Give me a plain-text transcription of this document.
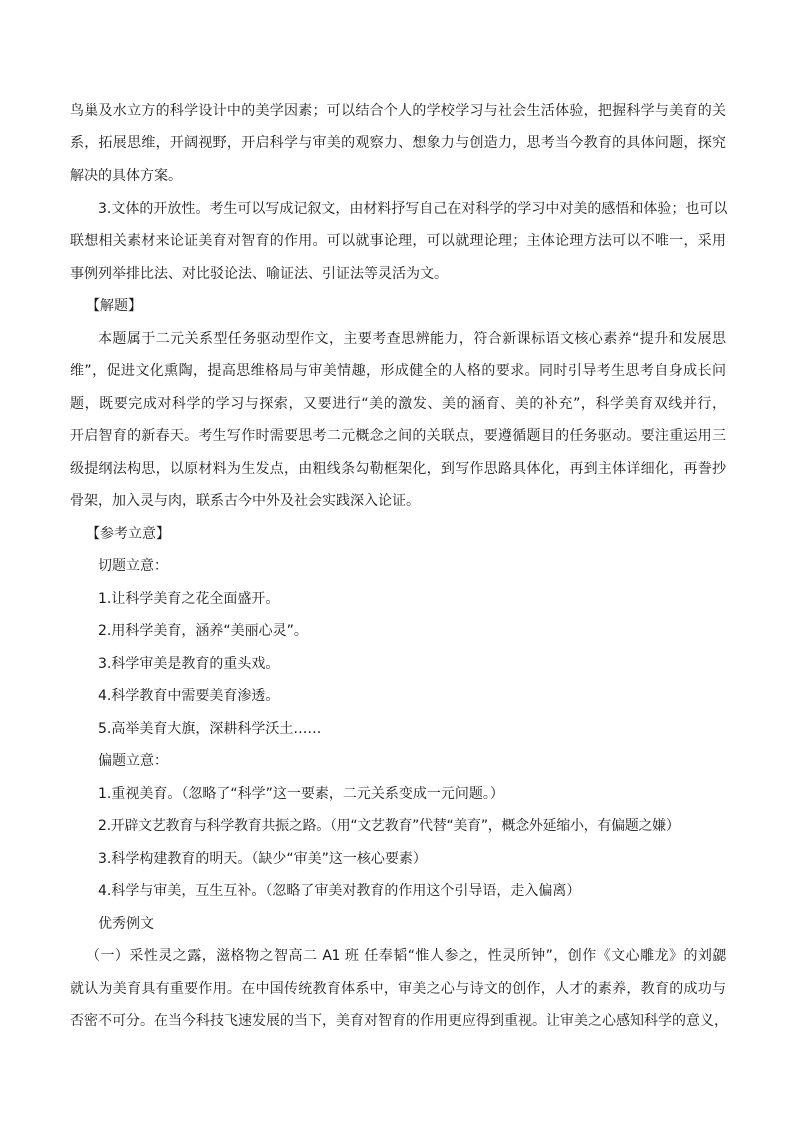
鸟巢及水立方的科学设计中的美学因素；可以结合个人的学校学习与社会生活体验，把握科学与美育的关
系，拓展思维，开阔视野，开启科学与审美的观察力、想象力与创造力，思考当今教育的具体问题，探究
解决的具体方案。
3.文体的开放性。考生可以写成记叙文，由材料抒写自己在对科学的学习中对美的感悟和体验；也可以
联想相关素材来论证美育对智育的作用。可以就事论理，可以就理论理；主体论理方法可以不唯一，采用
事例列举排比法、对比驳论法、喻证法、引证法等灵活为文。
【解题】
本题属于二元关系型任务驱动型作文，主要考查思辨能力，符合新课标语文核心素养“提升和发展思
维”，促进文化熏陶，提高思维格局与审美情趣，形成健全的人格的要求。同时引导考生思考自身成长问
题，既要完成对科学的学习与探索，又要进行“美的激发、美的涵育、美的补充”，科学美育双线并行，
开启智育的新春天。考生写作时需要思考二元概念之间的关联点，要遵循题目的任务驱动。要注重运用三
级提纲法构思，以原材料为生发点，由粗线条勾勒框架化，到写作思路具体化，再到主体详细化，再誊抄
骨架，加入灵与肉，联系古今中外及社会实践深入论证。
【参考立意】
切题立意：
1.让科学美育之花全面盛开。
2.用科学美育，涵养“美丽心灵”。
3.科学审美是教育的重头戏。
4.科学教育中需要美育渗透。
5.高举美育大旗，深耕科学沃土……
偏题立意：
1.重视美育。（忽略了“科学”这一要素，二元关系变成一元问题。）
2.开辟文艺教育与科学教育共振之路。（用“文艺教育”代替“美育”，概念外延缩小，有偏题之嫌）
3.科学构建教育的明天。（缺少“审美”这一核心要素）
4.科学与审美，互生互补。（忽略了审美对教育的作用这个引导语，走入偏离）
优秀例文
（一）采性灵之露，滋格物之智高二 A1 班 任奉韬“惟人参之，性灵所钟”，创作《文心雕龙》的刘勰
就认为美育具有重要作用。在中国传统教育体系中，审美之心与诗文的创作，人才的素养，教育的成功与
否密不可分。在当今科技飞速发展的当下，美育对智育的作用更应得到重视。让审美之心感知科学的意义，
